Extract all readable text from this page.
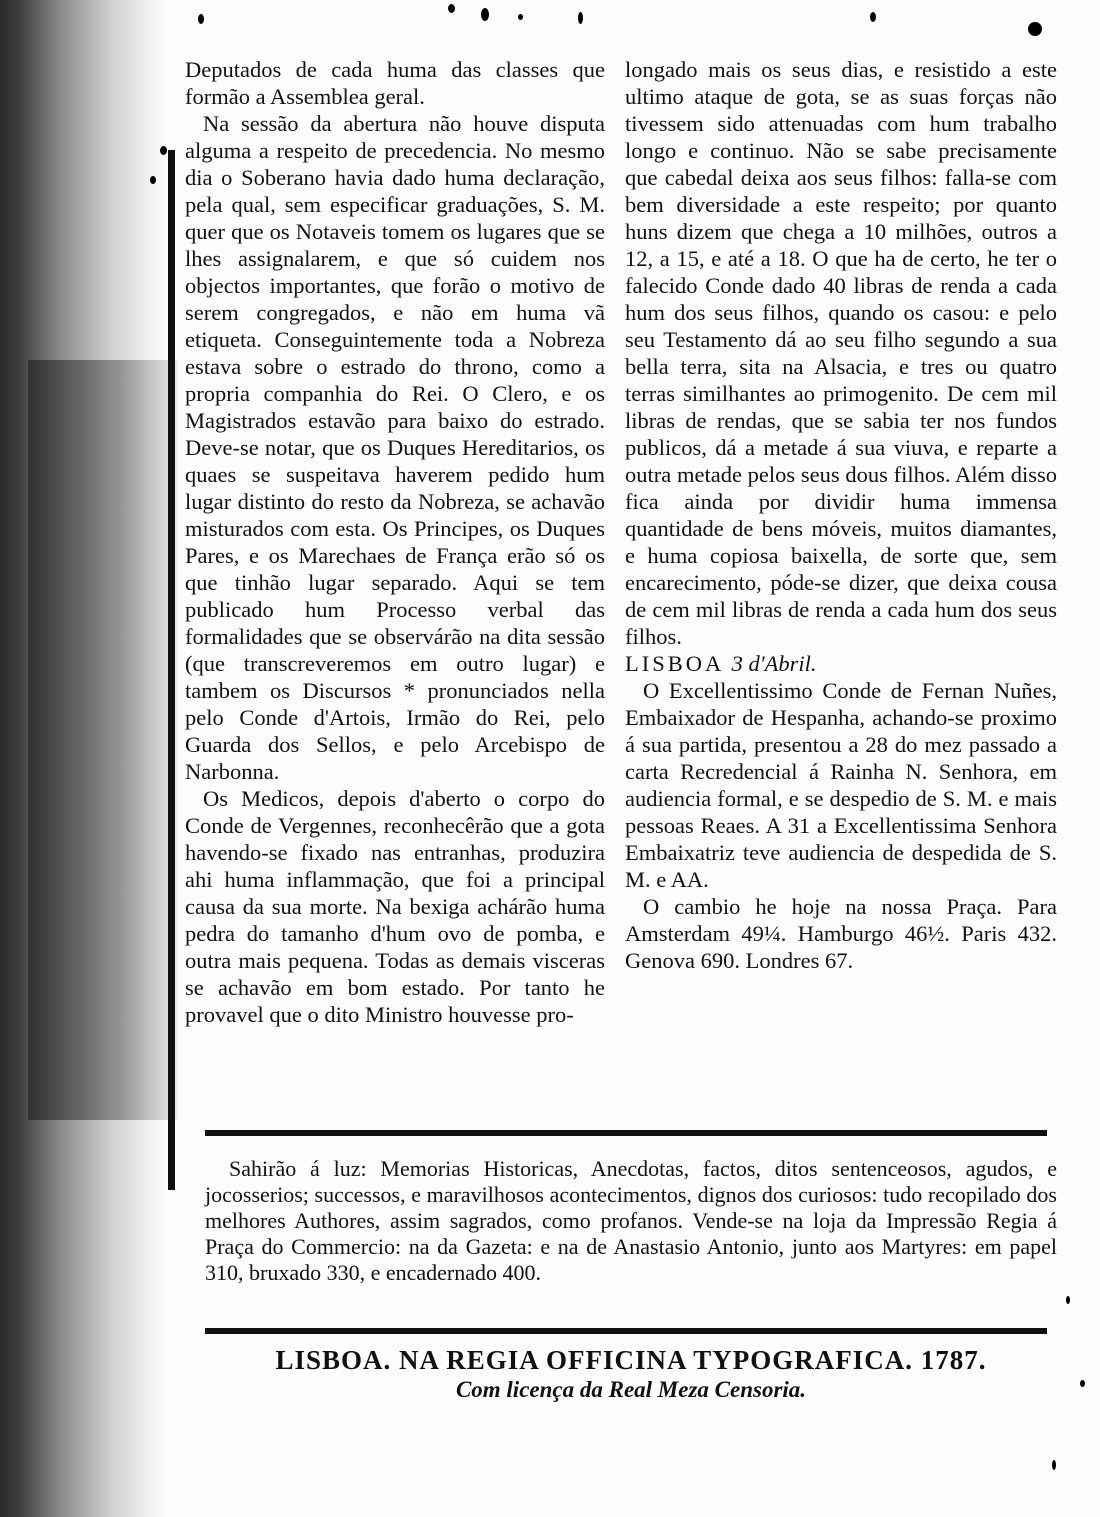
Deputados de cada huma das classes que formão a Assemblea geral.

Na sessão da abertura não houve disputa alguma a respeito de precedencia. No mesmo dia o Soberano havia dado huma declaração, pela qual, sem especificar graduações, S. M. quer que os Notaveis tomem os lugares que se lhes assignalarem, e que só cuidem nos objectos importantes, que forão o motivo de serem congregados, e não em huma vã etiqueta. Conseguintemente toda a Nobreza estava sobre o estrado do throno, como a propria companhia do Rei. O Clero, e os Magistrados estavão para baixo do estrado. Deve-se notar, que os Duques Hereditarios, os quaes se suspeitava haverem pedido hum lugar distinto do resto da Nobreza, se achavão misturados com esta. Os Principes, os Duques Pares, e os Marechaes de França erão só os que tinhão lugar separado. Aqui se tem publicado hum Processo verbal das formalidades que se observárão na dita sessão (que transcreveremos em outro lugar) e tambem os Discursos * pronunciados nella pelo Conde d'Artois, Irmão do Rei, pelo Guarda dos Sellos, e pelo Arcebispo de Narbonna.

Os Medicos, depois d'aberto o corpo do Conde de Vergennes, reconhecêrão que a gota havendo-se fixado nas entranhas, produzira ahi huma inflammação, que foi a principal causa da sua morte. Na bexiga achárão huma pedra do tamanho d'hum ovo de pomba, e outra mais pequena. Todas as demais visceras se achavão em bom estado. Por tanto he provavel que o dito Ministro houvesse pro-

longado mais os seus dias, e resistido a este ultimo ataque de gota, se as suas forças não tivessem sido attenuadas com hum trabalho longo e continuo. Não se sabe precisamente que cabedal deixa aos seus filhos: falla-se com bem diversidade a este respeito; por quanto huns dizem que chega a 10 milhões, outros a 12, a 15, e até a 18. O que ha de certo, he ter o falecido Conde dado 40 libras de renda a cada hum dos seus filhos, quando os casou: e pelo seu Testamento dá ao seu filho segundo a sua bella terra, sita na Alsacia, e tres ou quatro terras similhantes ao primogenito. De cem mil libras de rendas, que se sabia ter nos fundos publicos, dá a metade á sua viuva, e reparte a outra metade pelos seus dous filhos. Além disso fica ainda por dividir huma immensa quantidade de bens móveis, muitos diamantes, e huma copiosa baixella, de sorte que, sem encarecimento, póde-se dizer, que deixa cousa de cem mil libras de renda a cada hum dos seus filhos.

LISBOA 3 d'Abril.

O Excellentissimo Conde de Fernan Nuñes, Embaixador de Hespanha, achando-se proximo á sua partida, presentou a 28 do mez passado a carta Recredencial á Rainha N. Senhora, em audiencia formal, e se despedio de S. M. e mais pessoas Reaes. A 31 a Excellentissima Senhora Embaixatriz teve audiencia de despedida de S. M. e AA.

O cambio he hoje na nossa Praça. Para Amsterdam 49¼. Hamburgo 46½. Paris 432. Genova 690. Londres 67.

Sahirão á luz: Memorias Historicas, Anecdotas, factos, ditos sentenceosos, agudos, e jocosserios; successos, e maravilhosos acontecimentos, dignos dos curiosos: tudo recopilado dos melhores Authores, assim sagrados, como profanos. Vende-se na loja da Impressão Regia á Praça do Commercio: na da Gazeta: e na de Anastasio Antonio, junto aos Martyres: em papel 310, bruxado 330, e encadernado 400.

LISBOA. NA REGIA OFFICINA TYPOGRAFICA. 1787.
Com licença da Real Meza Censoria.
